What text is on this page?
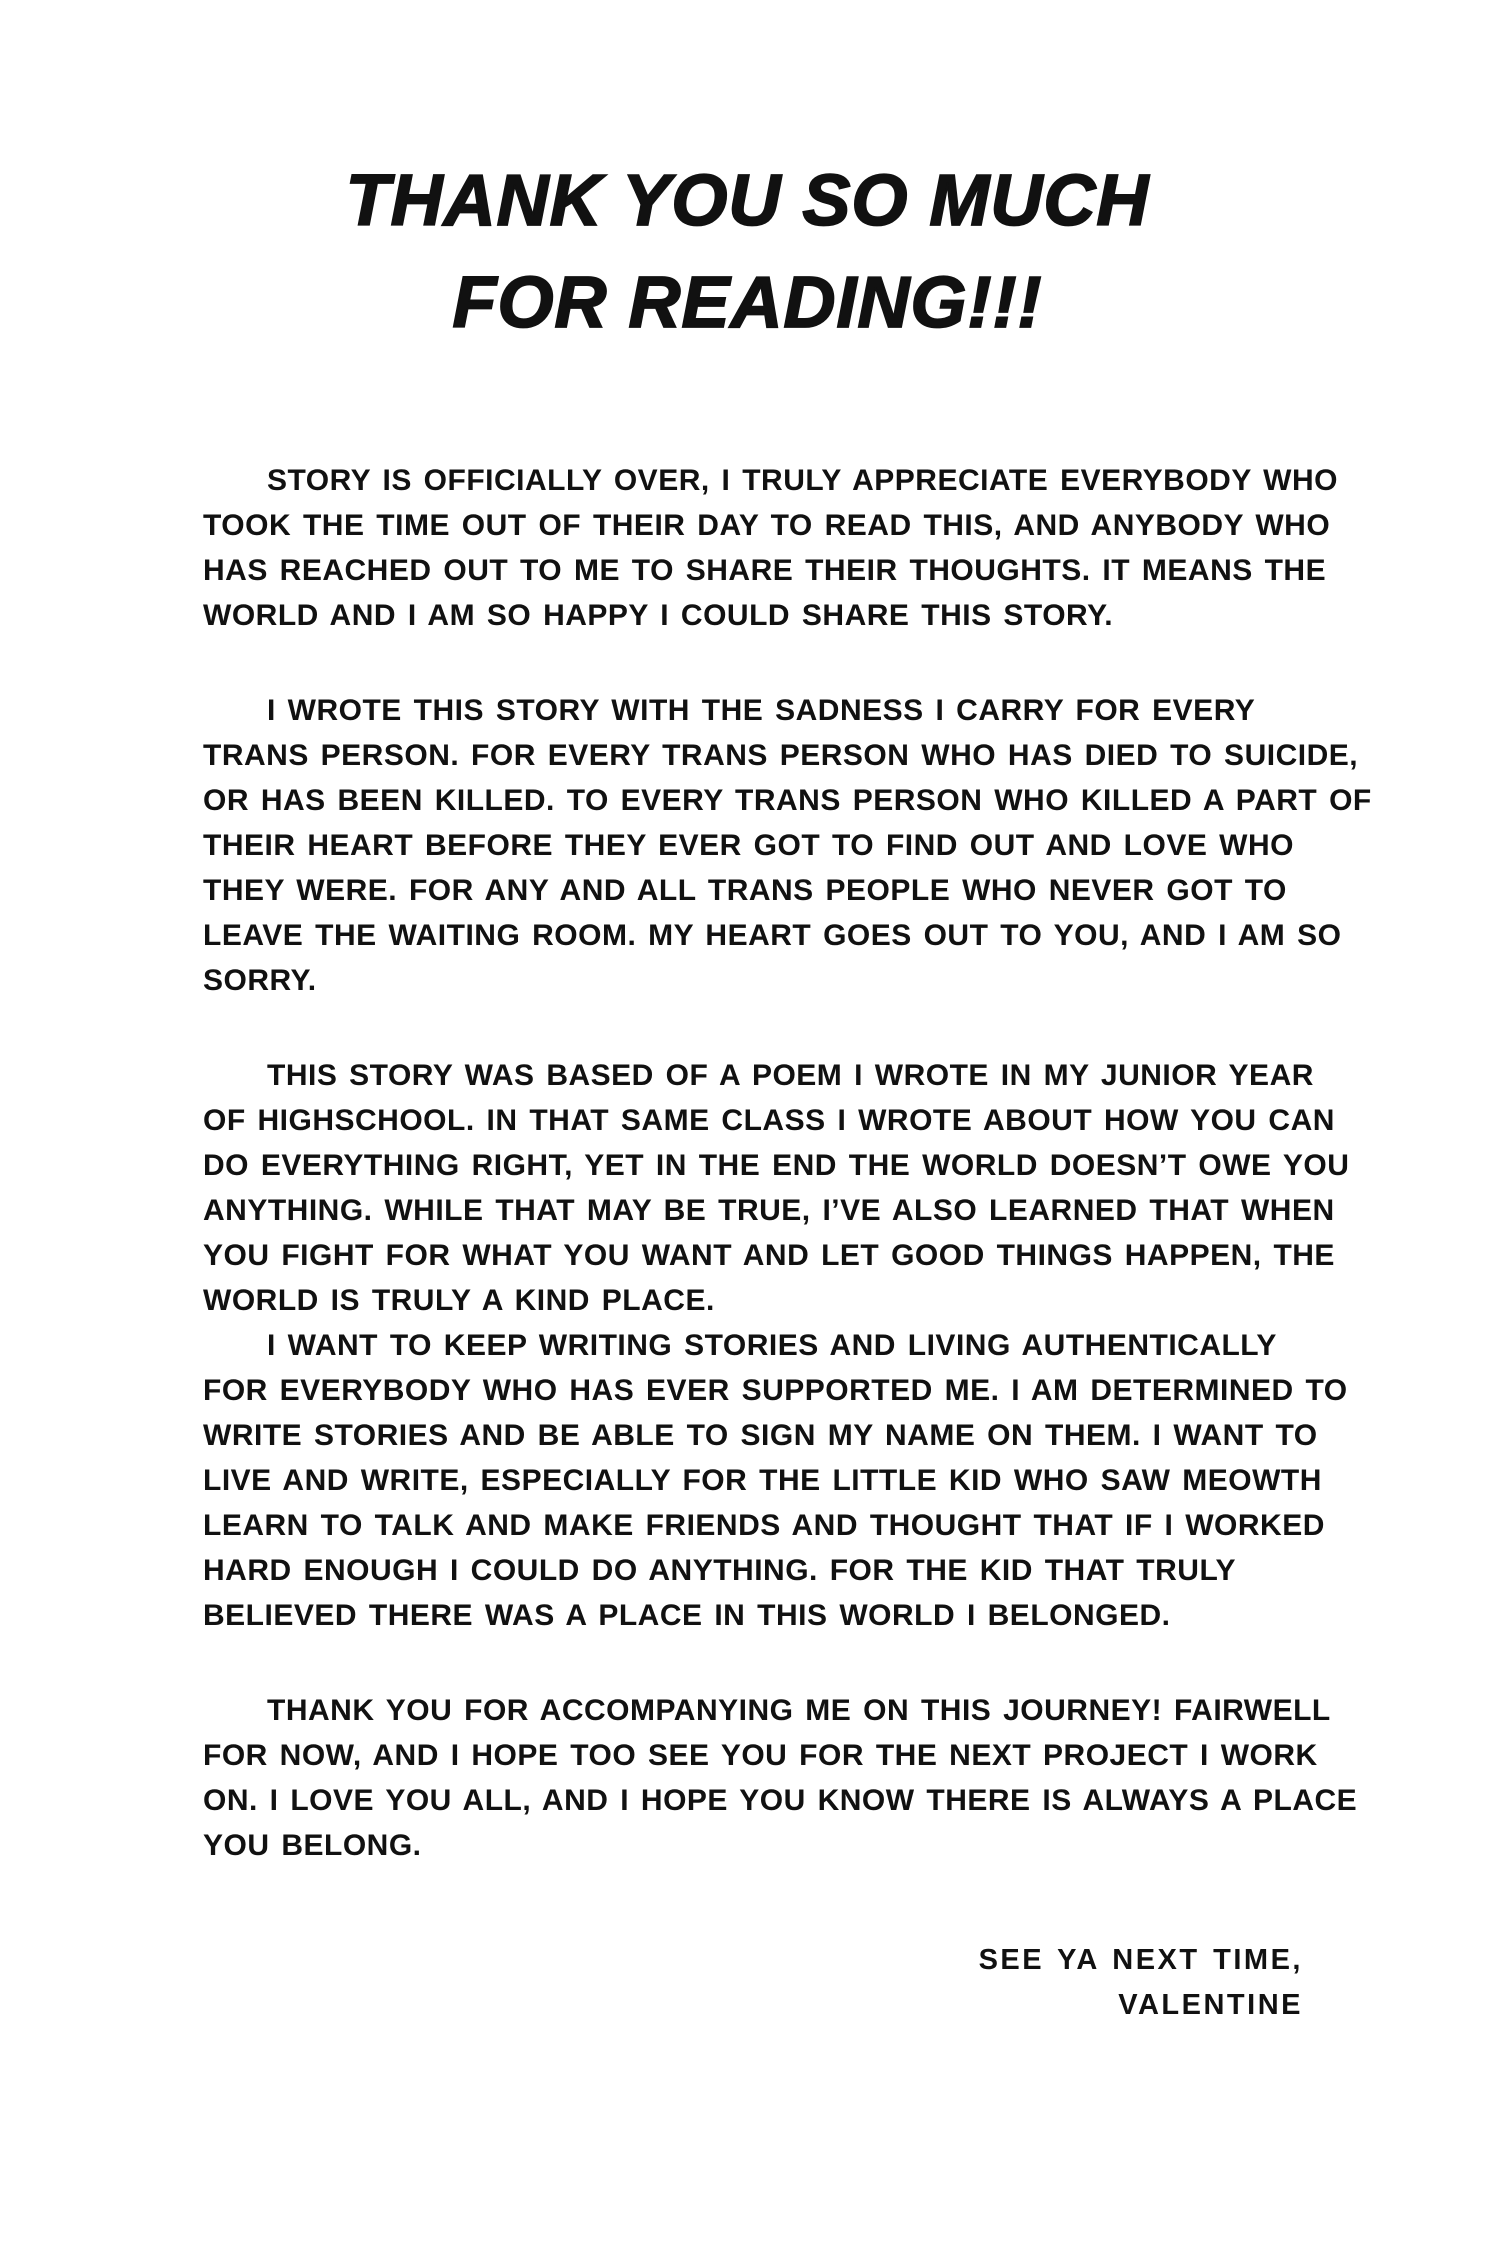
THANK YOU SO MUCH
FOR READING!!!
STORY IS OFFICIALLY OVER, I TRULY APPRECIATE EVERYBODY WHO
TOOK THE TIME OUT OF THEIR DAY TO READ THIS, AND ANYBODY WHO
HAS REACHED OUT TO ME TO SHARE THEIR THOUGHTS. IT MEANS THE
WORLD AND I AM SO HAPPY I COULD SHARE THIS STORY.
I WROTE THIS STORY WITH THE SADNESS I CARRY FOR EVERY
TRANS PERSON. FOR EVERY TRANS PERSON WHO HAS DIED TO SUICIDE,
OR HAS BEEN KILLED. TO EVERY TRANS PERSON WHO KILLED A PART OF
THEIR HEART BEFORE THEY EVER GOT TO FIND OUT AND LOVE WHO
THEY WERE. FOR ANY AND ALL TRANS PEOPLE WHO NEVER GOT TO
LEAVE THE WAITING ROOM. MY HEART GOES OUT TO YOU, AND I AM SO
SORRY.
THIS STORY WAS BASED OF A POEM I WROTE IN MY JUNIOR YEAR
OF HIGHSCHOOL. IN THAT SAME CLASS I WROTE ABOUT HOW YOU CAN
DO EVERYTHING RIGHT, YET IN THE END THE WORLD DOESN’T OWE YOU
ANYTHING. WHILE THAT MAY BE TRUE, I’VE ALSO LEARNED THAT WHEN
YOU FIGHT FOR WHAT YOU WANT AND LET GOOD THINGS HAPPEN, THE
WORLD IS TRULY A KIND PLACE.
I WANT TO KEEP WRITING STORIES AND LIVING AUTHENTICALLY
FOR EVERYBODY WHO HAS EVER SUPPORTED ME. I AM DETERMINED TO
WRITE STORIES AND BE ABLE TO SIGN MY NAME ON THEM. I WANT TO
LIVE AND WRITE, ESPECIALLY FOR THE LITTLE KID WHO SAW MEOWTH
LEARN TO TALK AND MAKE FRIENDS AND THOUGHT THAT IF I WORKED
HARD ENOUGH I COULD DO ANYTHING. FOR THE KID THAT TRULY
BELIEVED THERE WAS A PLACE IN THIS WORLD I BELONGED.
THANK YOU FOR ACCOMPANYING ME ON THIS JOURNEY! FAIRWELL
FOR NOW, AND I HOPE TOO SEE YOU FOR THE NEXT PROJECT I WORK
ON. I LOVE YOU ALL, AND I HOPE YOU KNOW THERE IS ALWAYS A PLACE
YOU BELONG.
SEE YA NEXT TIME,
VALENTINE
